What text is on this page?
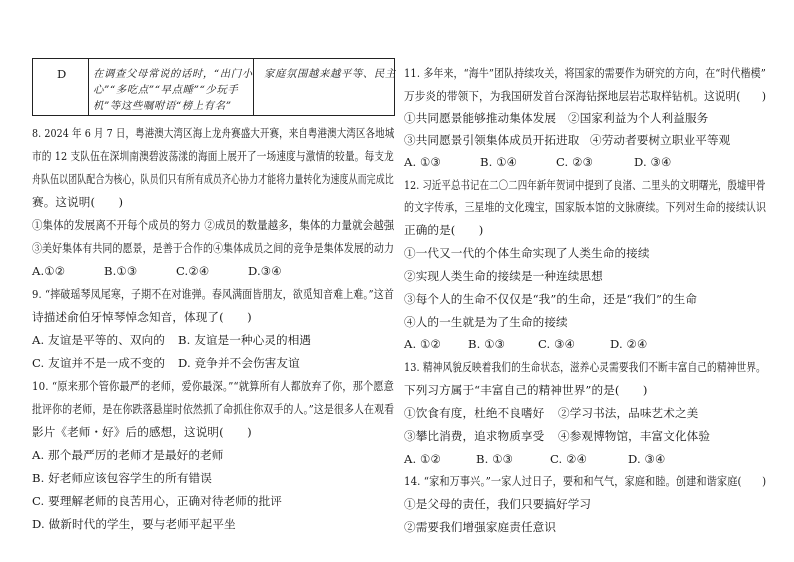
D	在调查父母常说的话时，“出门小
心”“多吃点”“早点睡”“少玩手
机”等这些嘱咐语“榜上有名”

家庭氛围越来越平等、民主
8. 2024 年 6 月 7 日，粤港澳大湾区海上龙舟赛盛大开赛，来自粤港澳大湾区各地城
市的 12 支队伍在深圳南澳碧波荡漾的海面上展开了一场速度与激情的较量。每支龙
舟队伍以团队配合为核心，队员们只有所有成员齐心协力才能将力量转化为速度从而完成比
赛。这说明(　　)
①集体的发展离不开每个成员的努力 ②成员的数量越多，集体的力量就会越强
③美好集体有共同的愿景，是善于合作的④集体成员之间的竞争是集体发展的动力
A.①②	B.①③	C.②④	D.③④
9. “摔破瑶琴凤尾寒，子期不在对谁弹。春风满面皆朋友，欲觅知音难上难。”这首
诗描述俞伯牙悼琴悼念知音，体现了(　　)
A. 友谊是平等的、双向的 B. 友谊是一种心灵的相遇
C. 友谊并不是一成不变的 D. 竞争并不会伤害友谊
10. “原来那个管你最严的老师，爱你最深。”“就算所有人都放弃了你，那个愿意
批评你的老师，是在你跌落悬崖时依然抓了命抓住你双手的人。”这是很多人在观看
影片《老师・好》后的感想，这说明(　　)
A. 那个最严厉的老师才是最好的老师
B. 好老师应该包容学生的所有错误
C. 要理解老师的良苦用心，正确对待老师的批评
D. 做新时代的学生，要与老师平起平坐
11. 多年来，“海牛”团队持续攻关，将国家的需要作为研究的方向，在“时代楷模”
万步炎的带领下，为我国研发首台深海钻探地层岩芯取样钻机。这说明(　　)
①共同愿景能够推动集体发展 ②国家利益为个人利益服务
③共同愿景引领集体成员开拓进取 ④劳动者要树立职业平等观
A. ①③	B. ①④	C. ②③	D. ③④
12. 习近平总书记在二〇二四年新年贺词中提到了良渚、二里头的文明曙光，殷墟甲骨
的文字传承，三星堆的文化瑰宝，国家版本馆的文脉赓续。下列对生命的接续认识
正确的是(　　)
①一代又一代的个体生命实现了人类生命的接续
②实现人类生命的接续是一种连续思想
③每个人的生命不仅仅是“我”的生命，还是“我们”的生命
④人的一生就是为了生命的接续
A. ①② B. ①③	C. ③④	D. ②④
13. 精神风貌反映着我们的生命状态，滋养心灵需要我们不断丰富自己的精神世界。
下列习方属于“丰富自己的精神世界”的是(　　)
①饮食有度，杜绝不良嗜好 ②学习书法，品味艺术之美
③攀比消费，追求物质享受 ④参观博物馆，丰富文化体验
A. ①②	B. ①③	C. ②④	D. ③④
14. “家和万事兴。”一家人过日子，要和和气气，家庭和睦。创建和谐家庭(　　)
①是父母的责任，我们只要搞好学习
②需要我们增强家庭责任意识
